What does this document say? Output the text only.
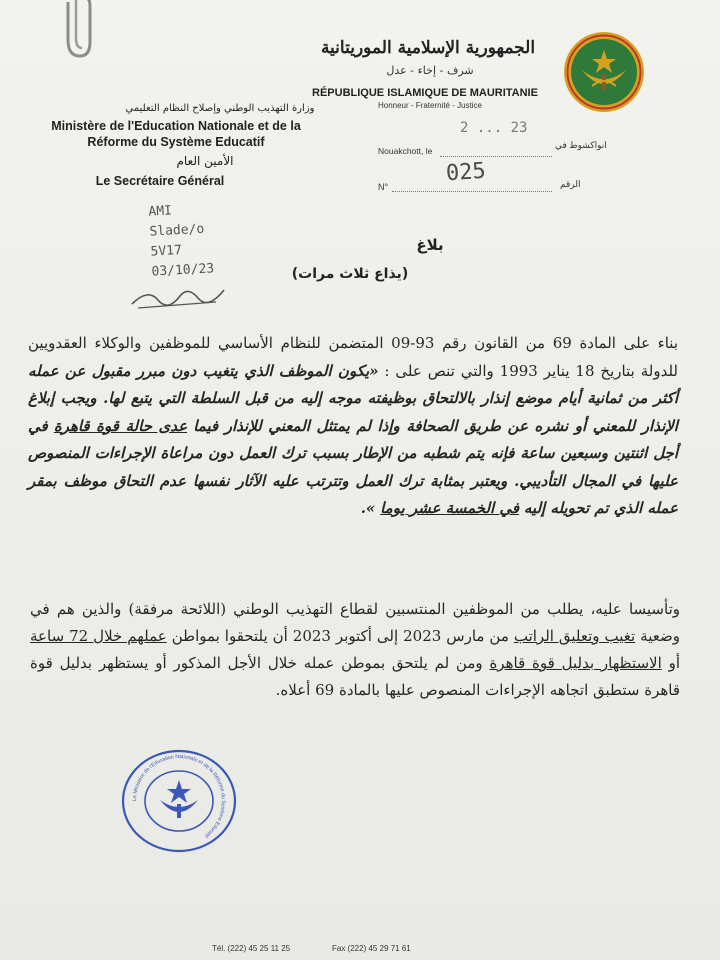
الجمهورية الإسلامية الموريتانية
شرف - إخاء - عدل
RÉPUBLIQUE ISLAMIQUE DE MAURITANIE
Honneur - Fraternité - Justice
وزارة التهذيب الوطني وإصلاح النظام التعليمي
Ministère de l'Education Nationale et de la Réforme du Système Educatif
الأمين العام
Le Secrétaire Général
Nouakchott, le
انواكشوط في
2 ... 23
N°	الرقم
025
AMI
Slade/o
5V17
03/10/23
بلاغ
(يذاع ثلاث مرات)
بناء على المادة 69 من القانون رقم 93-09 المتضمن للنظام الأساسي للموظفين والوكلاء العقدويين للدولة بتاريخ 18 يناير 1993 والتي تنص على : «يكون الموظف الذي يتغيب دون مبرر مقبول عن عمله أكثر من ثمانية أيام موضع إنذار بالالتحاق بوظيفته موجه إليه من قبل السلطة التي يتبع لها. ويجب إبلاغ الإنذار للمعني أو نشره عن طريق الصحافة وإذا لم يمتثل المعني للإنذار فيما عدى حالة قوة قاهرة في أجل اثنتين وسبعين ساعة فإنه يتم شطبه من الإطار بسبب ترك العمل دون مراعاة الإجراءات المنصوص عليها في المجال التأديبي. ويعتبر بمثابة ترك العمل وتترتب عليه الآثار نفسها عدم التحاق موظف بمقر عمله الذي تم تحويله إليه في الخمسة عشر يوما ».
وتأسيسا عليه، يطلب من الموظفين المنتسبين لقطاع التهذيب الوطني (اللائحة مرفقة) والذين هم في وضعية تغيب وتعليق الراتب من مارس 2023 إلى أكتوبر 2023 أن يلتحقوا بمواطن عملهم خلال 72 ساعة أو الاستظهار بدليل قوة قاهرة ومن لم يلتحق بموطن عمله خلال الأجل المذكور أو يستظهر بدليل قوة قاهرة ستطبق اتجاهه الإجراءات المنصوص عليها بالمادة 69 أعلاه.
Le Ministère de l'Education Nationale et de la Réforme du Système Educatif
Tél. (222) 45 25 11 25	Fax (222) 45 29 71 61
